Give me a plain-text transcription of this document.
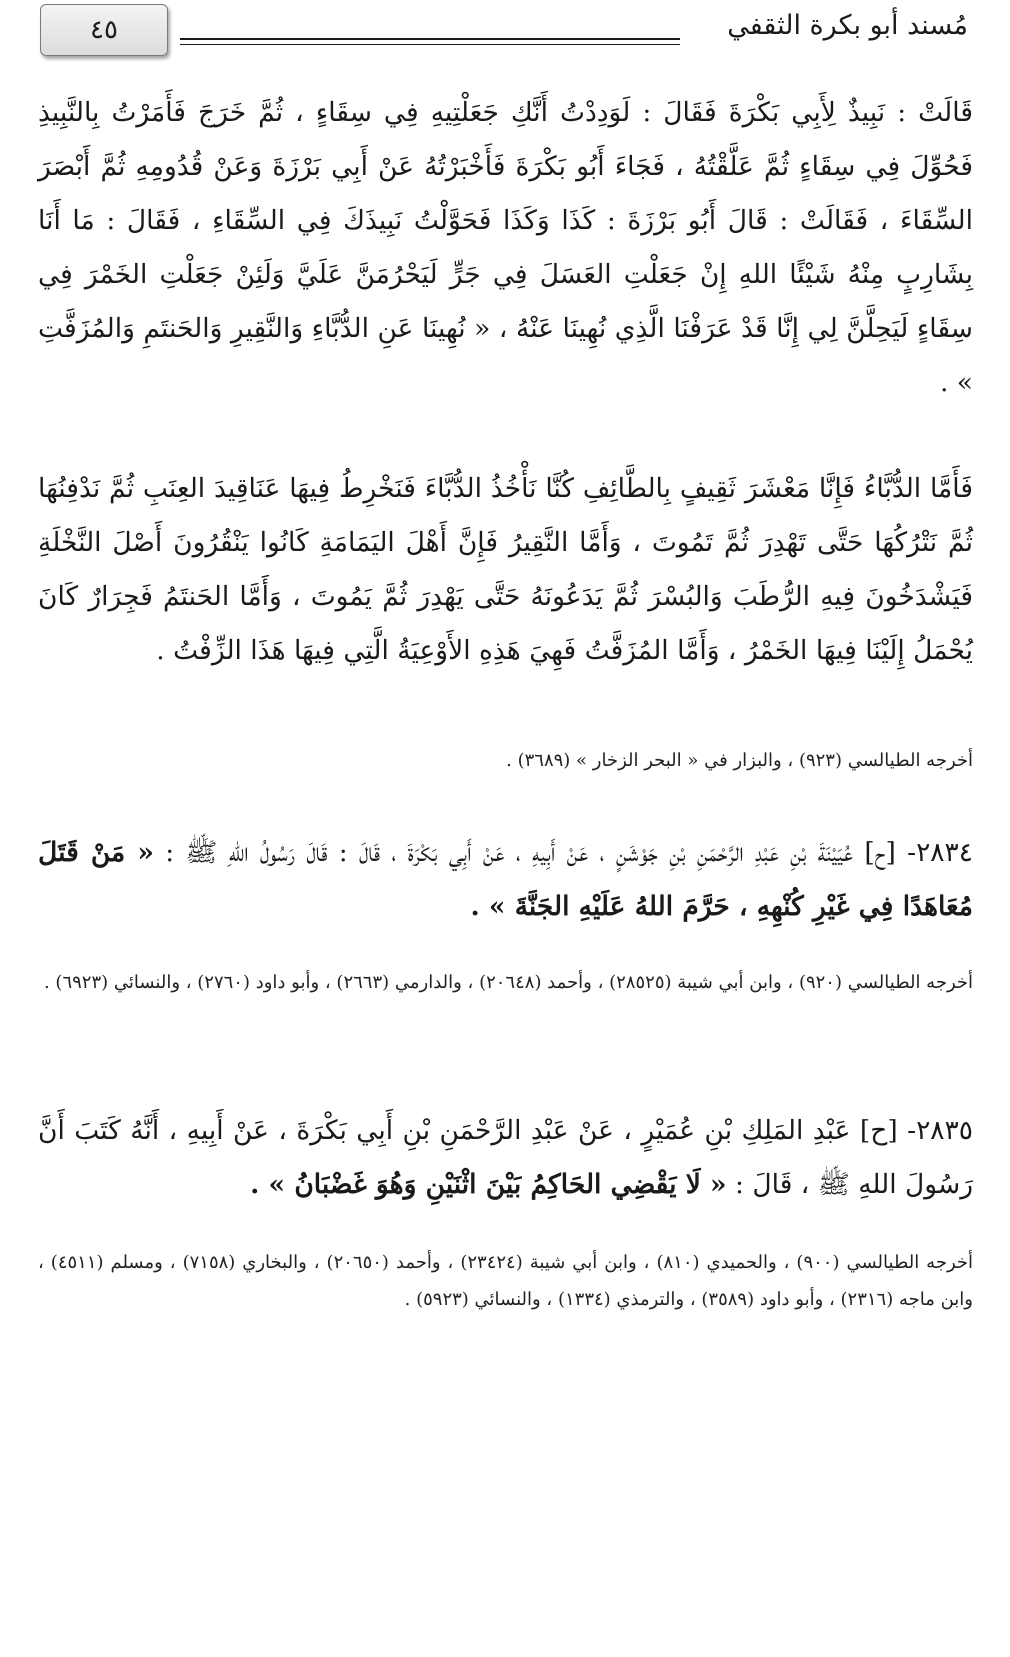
٤٥	مُسند أبو بكرة الثقفي

قَالَتْ : نَبِيذٌ لِأَبِي بَكْرَةَ فَقَالَ : لَوَدِدْتُ أَنَّكِ جَعَلْتِيهِ فِي سِقَاءٍ ، ثُمَّ خَرَجَ فَأَمَرْتُ بِالنَّبِيذِ فَحُوِّلَ فِي سِقَاءٍ ثُمَّ عَلَّقْتُهُ ، فَجَاءَ أَبُو بَكْرَةَ فَأَخْبَرْتُهُ عَنْ أَبِي بَرْزَةَ وَعَنْ قُدُومِهِ ثُمَّ أَبْصَرَ السِّقَاءَ ، فَقَالَتْ : قَالَ أَبُو بَرْزَةَ : كَذَا وَكَذَا فَحَوَّلْتُ نَبِيذَكَ فِي السِّقَاءِ ، فَقَالَ : مَا أَنَا بِشَارِبٍ مِنْهُ شَيْئًا اللهِ إِنْ جَعَلْتِ العَسَلَ فِي جَرٍّ لَيَحْرُمَنَّ عَلَيَّ وَلَئِنْ جَعَلْتِ الخَمْرَ فِي سِقَاءٍ لَيَحِلَّنَّ لِي إِنَّا قَدْ عَرَفْنَا الَّذِي نُهِينَا عَنْهُ ، « نُهِينَا عَنِ الدُّبَّاءِ وَالنَّقِيرِ وَالحَنتَمِ وَالمُزَفَّتِ » .

فَأَمَّا الدُّبَّاءُ فَإِنَّا مَعْشَرَ ثَقِيفٍ بِالطَّائِفِ كُنَّا نَأْخُذُ الدُّبَّاءَ فَنَخْرِطُ فِيهَا عَنَاقِيدَ العِنَبِ ثُمَّ نَدْفِنُهَا ثُمَّ نَتْرُكُهَا حَتَّى تَهْدِرَ ثُمَّ تَمُوتَ ، وَأَمَّا النَّقِيرُ فَإِنَّ أَهْلَ اليَمَامَةِ كَانُوا يَنْقُرُونَ أَصْلَ النَّخْلَةِ فَيَشْدَخُونَ فِيهِ الرُّطَبَ وَالبُسْرَ ثُمَّ يَدَعُونَهُ حَتَّى يَهْدِرَ ثُمَّ يَمُوتَ ، وَأَمَّا الحَنتَمُ فَجِرَارٌ كَانَ يُحْمَلُ إِلَيْنَا فِيهَا الخَمْرُ ، وَأَمَّا المُزَفَّتُ فَهِيَ هَذِهِ الأَوْعِيَةُ الَّتِي فِيهَا هَذَا الزِّفْتُ .

أخرجه الطيالسي (٩٢٣) ، والبزار في « البحر الزخار » (٣٦٨٩) .

٢٨٣٤- [ح] عُيَيْنَةَ بْنِ عَبْدِ الرَّحْمَنِ بْنِ جَوْشَنٍ ، عَنْ أَبِيهِ ، عَنْ أَبِي بَكْرَةَ ، قَالَ : قَالَ رَسُولُ اللهِ ﷺ : « مَنْ قَتَلَ مُعَاهَدًا فِي غَيْرِ كُنْهِهِ ، حَرَّمَ اللهُ عَلَيْهِ الجَنَّةَ » .

أخرجه الطيالسي (٩٢٠) ، وابن أبي شيبة (٢٨٥٢٥) ، وأحمد (٢٠٦٤٨) ، والدارمي (٢٦٦٣) ، وأبو داود (٢٧٦٠) ، والنسائي (٦٩٢٣) .

٢٨٣٥- [ح] عَبْدِ المَلِكِ بْنِ عُمَيْرٍ ، عَنْ عَبْدِ الرَّحْمَنِ بْنِ أَبِي بَكْرَةَ ، عَنْ أَبِيهِ ، أَنَّهُ كَتَبَ أَنَّ رَسُولَ اللهِ ﷺ ، قَالَ : « لَا يَقْضِي الحَاكِمُ بَيْنَ اثْنَيْنِ وَهُوَ غَضْبَانُ » .

أخرجه الطيالسي (٩٠٠) ، والحميدي (٨١٠) ، وابن أبي شيبة (٢٣٤٢٤) ، وأحمد (٢٠٦٥٠) ، والبخاري (٧١٥٨) ، ومسلم (٤٥١١) ، وابن ماجه (٢٣١٦) ، وأبو داود (٣٥٨٩) ، والترمذي (١٣٣٤) ، والنسائي (٥٩٢٣) .
